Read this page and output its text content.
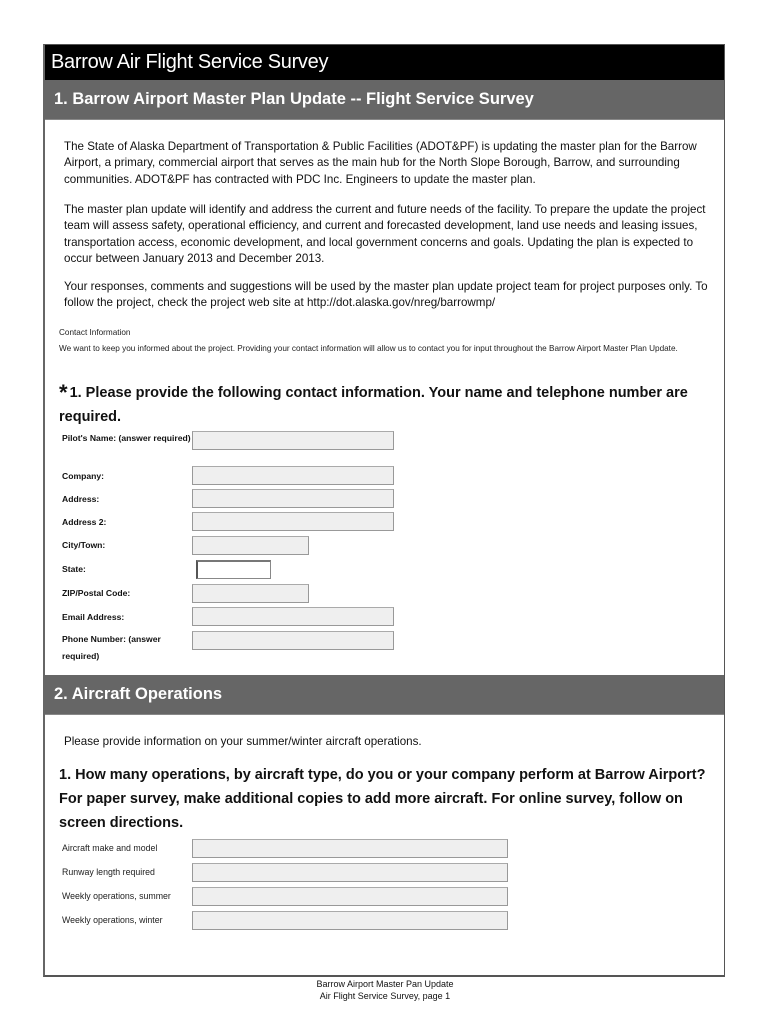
Barrow Air Flight Service Survey
1. Barrow Airport Master Plan Update -- Flight Service Survey
The State of Alaska Department of Transportation & Public Facilities (ADOT&PF) is updating the master plan for the Barrow Airport, a primary, commercial airport that serves as the main hub for the North Slope Borough, Barrow, and surrounding communities. ADOT&PF has contracted with PDC Inc. Engineers to update the master plan.
The master plan update will identify and address the current and future needs of the facility. To prepare the update the project team will assess safety, operational efficiency, and current and forecasted development, land use needs and leasing issues, transportation access, economic development, and local government concerns and goals. Updating the plan is expected to occur between January 2013 and December 2013.
Your responses, comments and suggestions will be used by the master plan update project team for project purposes only. To follow the project, check the project web site at http://dot.alaska.gov/nreg/barrowmp/
Contact Information
We want to keep you informed about the project. Providing your contact information will allow us to contact you for input throughout the Barrow Airport Master Plan Update.
* 1. Please provide the following contact information. Your name and telephone number are required.
Pilot's Name: (answer required)
Company:
Address:
Address 2:
City/Town:
State:
ZIP/Postal Code:
Email Address:
Phone Number: (answer required)
2. Aircraft Operations
Please provide information on your summer/winter aircraft operations.
1. How many operations, by aircraft type, do you or your company perform at Barrow Airport? For paper survey, make additional copies to add more aircraft. For online survey, follow on screen directions.
Aircraft make and model
Runway length required
Weekly operations, summer
Weekly operations, winter
Barrow Airport Master Pan Update
Air Flight Service Survey, page 1
